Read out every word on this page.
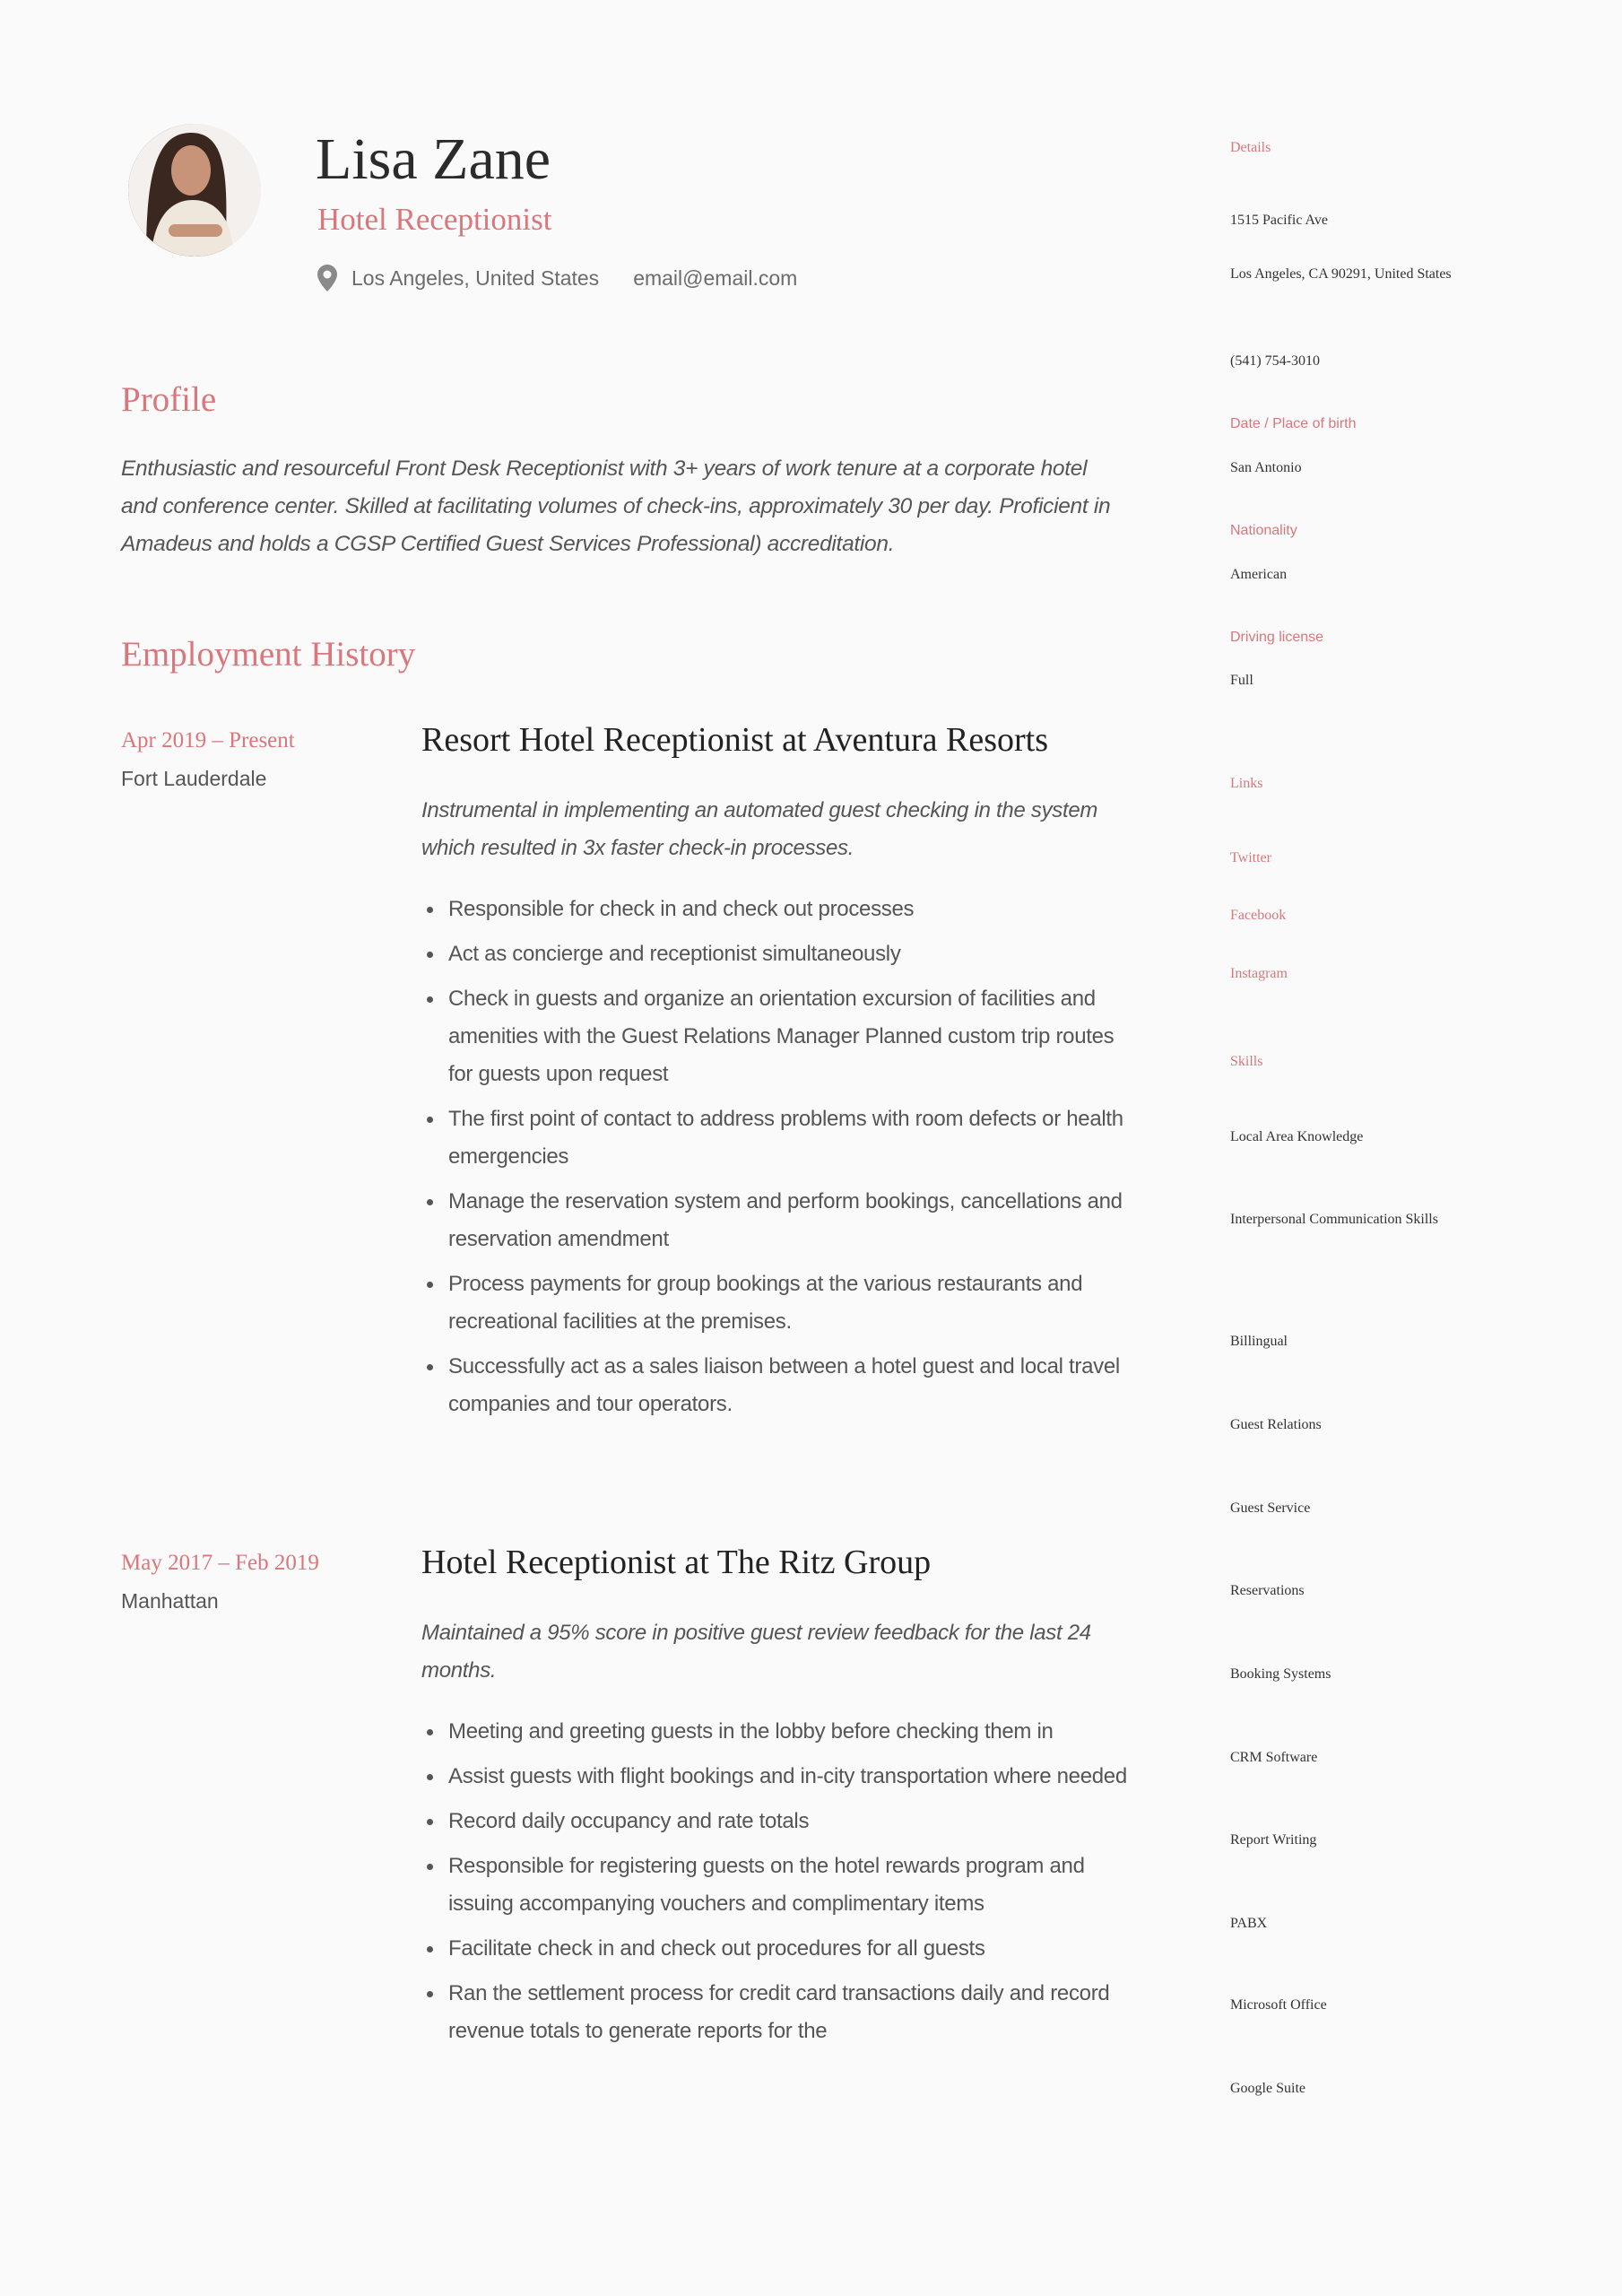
Lisa Zane
Hotel Receptionist
Los Angeles, United States email@email.com
Profile
Enthusiastic and resourceful Front Desk Receptionist with 3+ years of work tenure at a corporate hotel and conference center. Skilled at facilitating volumes of check-ins, approximately 30 per day. Proficient in Amadeus and holds a CGSP Certified Guest Services Professional) accreditation.
Employment History
Apr 2019 – Present
Fort Lauderdale
Resort Hotel Receptionist at Aventura Resorts
Instrumental in implementing an automated guest checking in the system which resulted in 3x faster check-in processes.
Responsible for check in and check out processes
Act as concierge and receptionist simultaneously
Check in guests and organize an orientation excursion of facilities and amenities with the Guest Relations Manager Planned custom trip routes for guests upon request
The first point of contact to address problems with room defects or health emergencies
Manage the reservation system and perform bookings, cancellations and reservation amendment
Process payments for group bookings at the various restaurants and recreational facilities at the premises.
Successfully act as a sales liaison between a hotel guest and local travel companies and tour operators.
May 2017 – Feb 2019
Manhattan
Hotel Receptionist at The Ritz Group
Maintained a 95% score in positive guest review feedback for the last 24 months.
Meeting and greeting guests in the lobby before checking them in
Assist guests with flight bookings and in-city transportation where needed
Record daily occupancy and rate totals
Responsible for registering guests on the hotel rewards program and issuing accompanying vouchers and complimentary items
Facilitate check in and check out procedures for all guests
Ran the settlement process for credit card transactions daily and record revenue totals to generate reports for the
Details
1515 Pacific Ave
Los Angeles, CA 90291, United States
(541) 754-3010
Date / Place of birth
San Antonio
Nationality
American
Driving license
Full
Links
Twitter
Facebook
Instagram
Skills
Local Area Knowledge
Interpersonal Communication Skills
Billingual
Guest Relations
Guest Service
Reservations
Booking Systems
CRM Software
Report Writing
PABX
Microsoft Office
Google Suite
